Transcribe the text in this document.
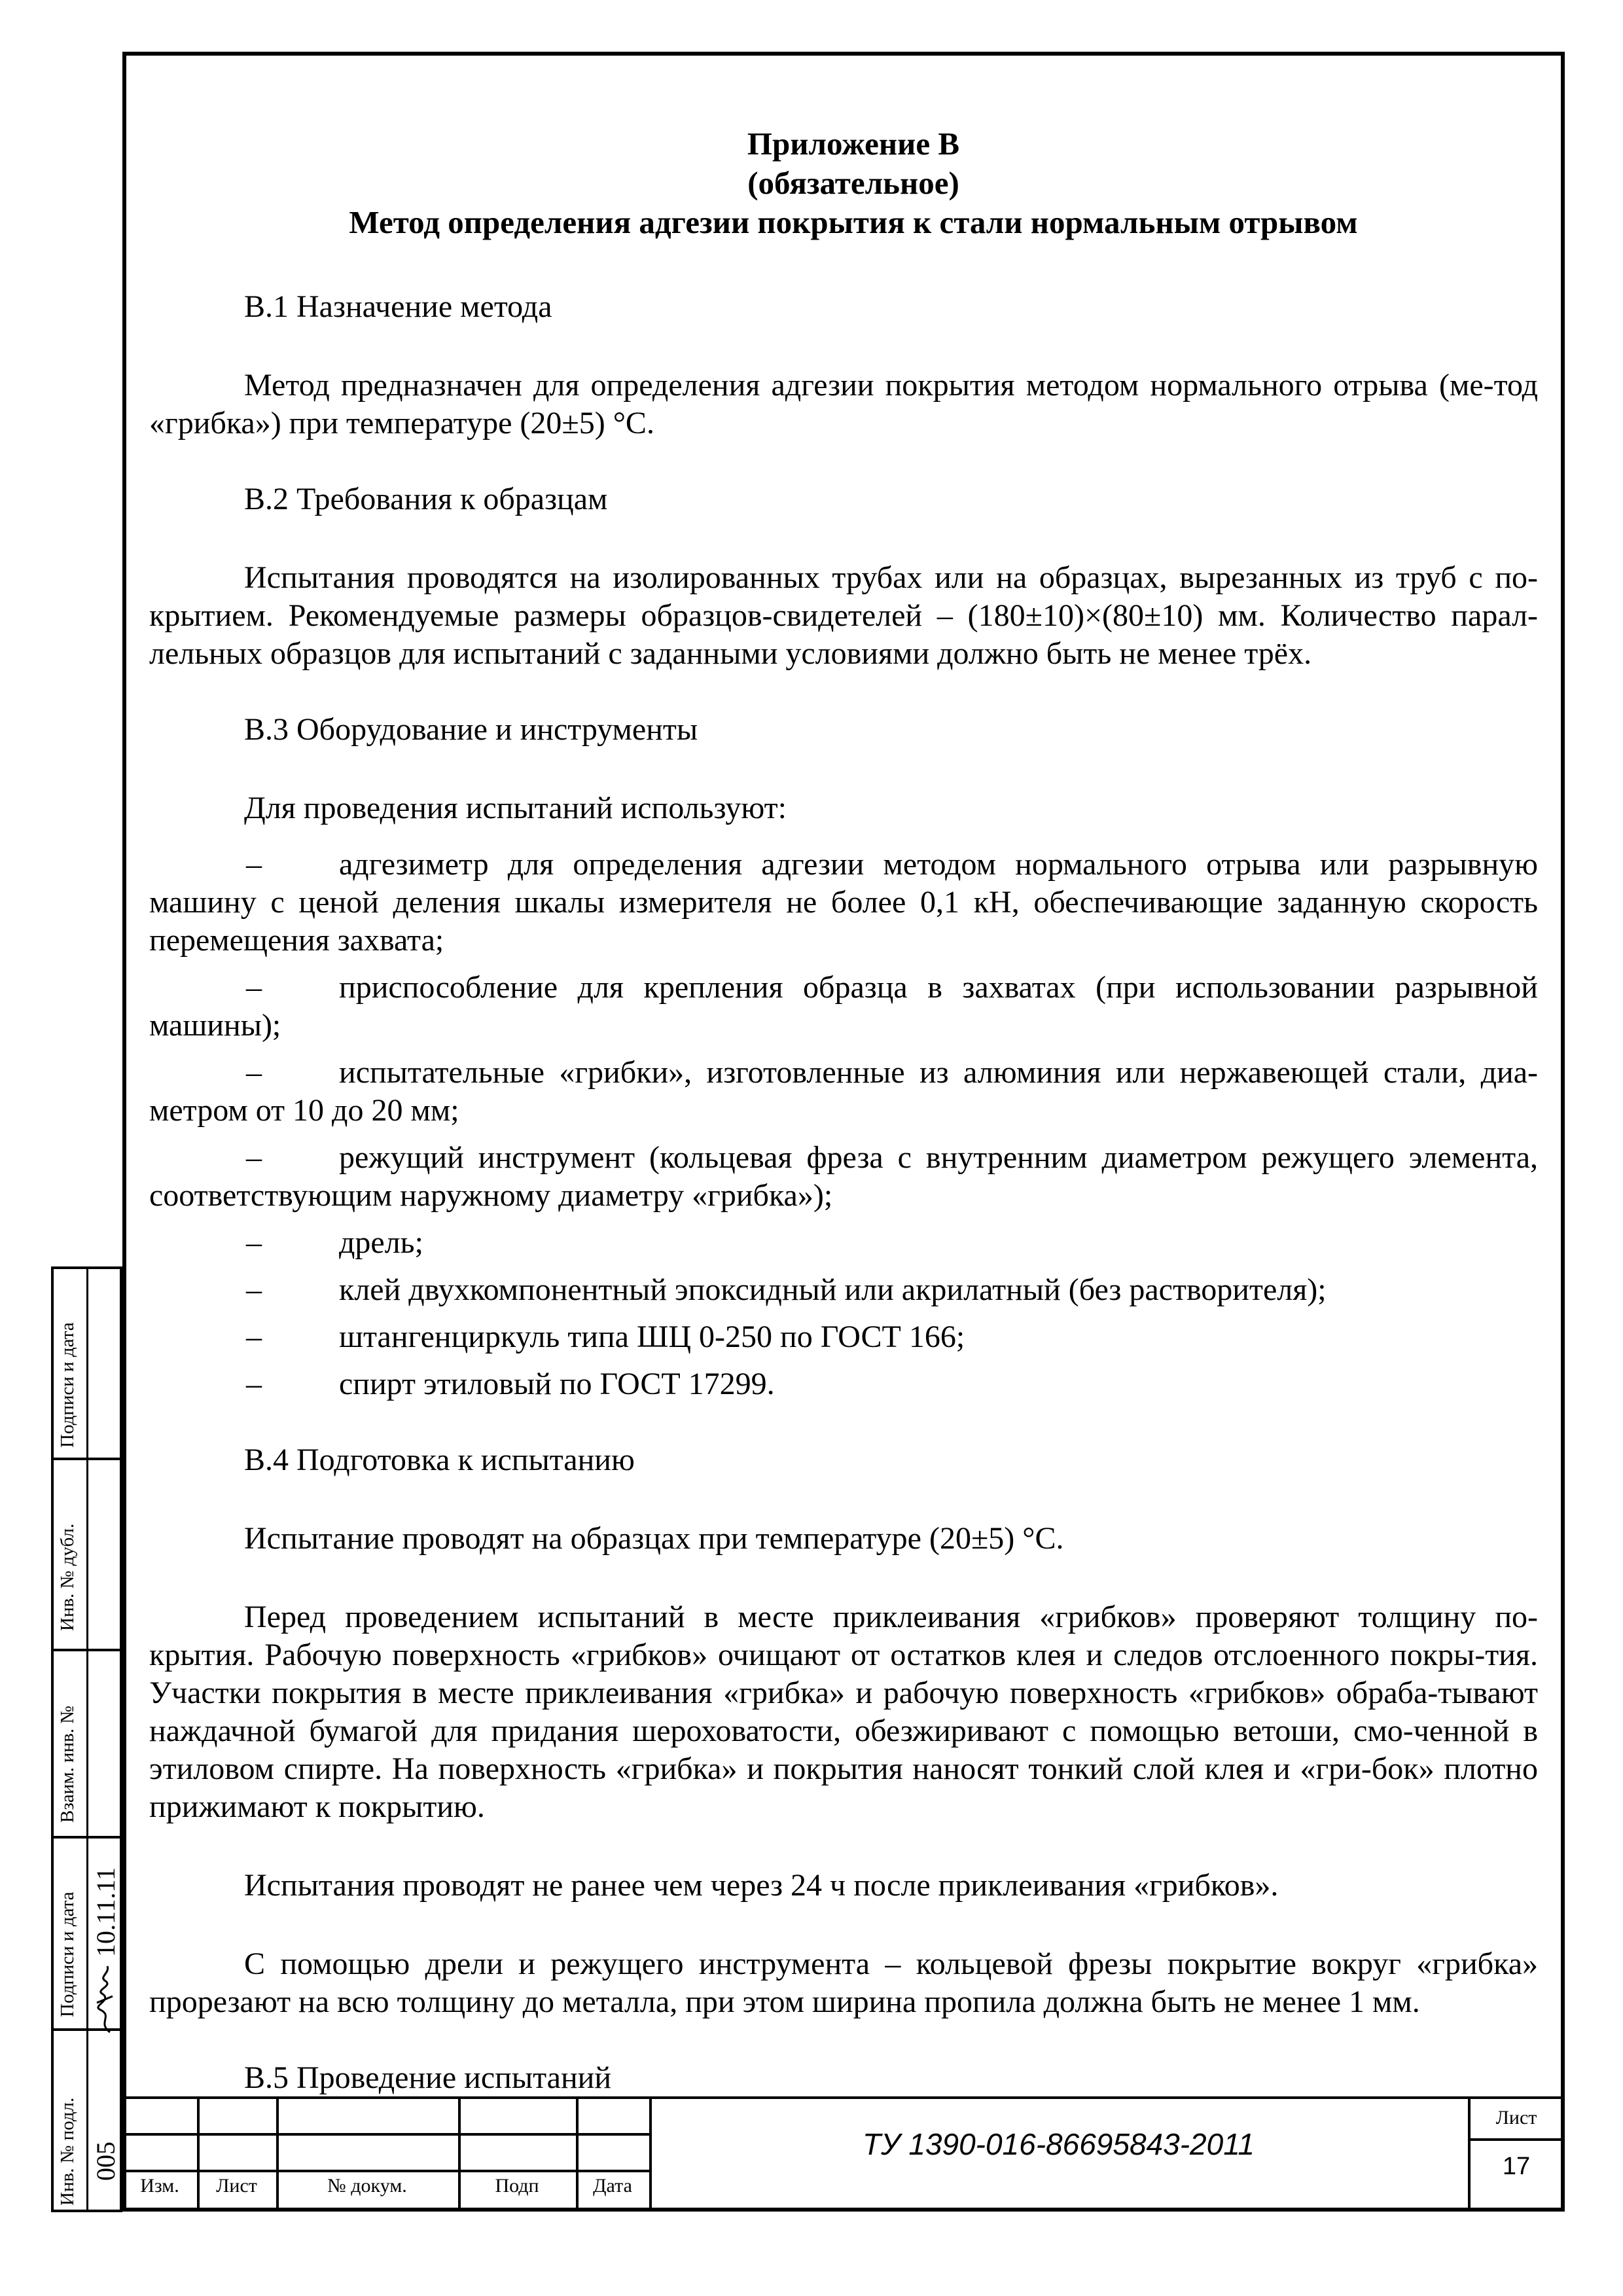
Приложение В
(обязательное)
Метод определения адгезии покрытия к стали нормальным отрывом
В.1 Назначение метода
Метод предназначен для определения адгезии покрытия методом нормального отрыва (ме-тод «грибка») при температуре (20±5) °С.
В.2 Требования к образцам
Испытания проводятся на изолированных трубах или на образцах, вырезанных из труб с по-крытием. Рекомендуемые размеры образцов-свидетелей – (180±10)×(80±10) мм. Количество парал-лельных образцов для испытаний с заданными условиями должно быть не менее трёх.
В.3 Оборудование и инструменты
Для проведения испытаний используют:
–	адгезиметр для определения адгезии методом нормального отрыва или разрывную машину с ценой деления шкалы измерителя не более 0,1 кН, обеспечивающие заданную скорость перемещения захвата;
–	приспособление для крепления образца в захватах (при использовании разрывной машины);
–	испытательные «грибки», изготовленные из алюминия или нержавеющей стали, диа-метром от 10 до 20 мм;
–	режущий инструмент (кольцевая фреза с внутренним диаметром режущего элемента, соответствующим наружному диаметру «грибка»);
–	дрель;
–	клей двухкомпонентный эпоксидный или акрилатный (без растворителя);
–	штангенциркуль типа ШЦ 0-250 по ГОСТ 166;
–	спирт этиловый по ГОСТ 17299.
В.4 Подготовка к испытанию
Испытание проводят на образцах при температуре (20±5) °С.
Перед проведением испытаний в месте приклеивания «грибков» проверяют толщину по-крытия. Рабочую поверхность «грибков» очищают от остатков клея и следов отслоенного покры-тия. Участки покрытия в месте приклеивания «грибка» и рабочую поверхность «грибков» обраба-тывают наждачной бумагой для придания шероховатости, обезжиривают с помощью ветоши, смо-ченной в этиловом спирте. На поверхность «грибка» и покрытия наносят тонкий слой клея и «гри-бок» плотно прижимают к покрытию.
Испытания проводят не ранее чем через 24 ч после приклеивания «грибков».
С помощью дрели и режущего инструмента – кольцевой фрезы покрытие вокруг «грибка» прорезают на всю толщину до металла, при этом ширина пропила должна быть не менее 1 мм.
В.5 Проведение испытаний
Подписи и дата
Инв. № дубл.
Взаим. инв. №
Подписи и дата
Инв. № подл.
10.11.11
005
Изм.	Лист	№ докум.	Подп	Дата
ТУ 1390-016-86695843-2011
Лист
17
